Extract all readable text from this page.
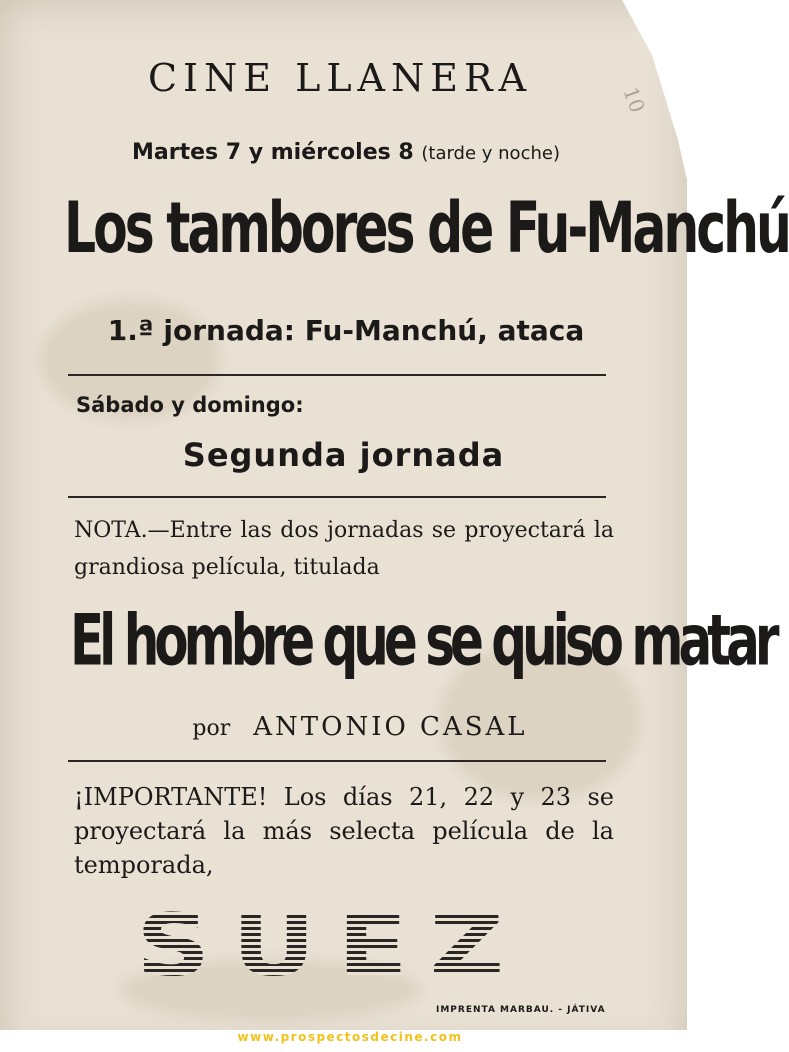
CINE LLANERA	10
Martes 7 y miércoles 8 (tarde y noche)
Los tambores de Fu-Manchú
1.ª jornada: Fu-Manchú, ataca
Sábado y domingo:
Segunda jornada
NOTA.—Entre las dos jornadas se proyectará la grandiosa película, titulada
El hombre que se quiso matar
por ANTONIO CASAL
¡IMPORTANTE! Los días 21, 22 y 23 se proyectará la más selecta película de la temporada,
SUEZ
IMPRENTA MARBAU. - JÁTIVA
www.prospectosdecine.com
